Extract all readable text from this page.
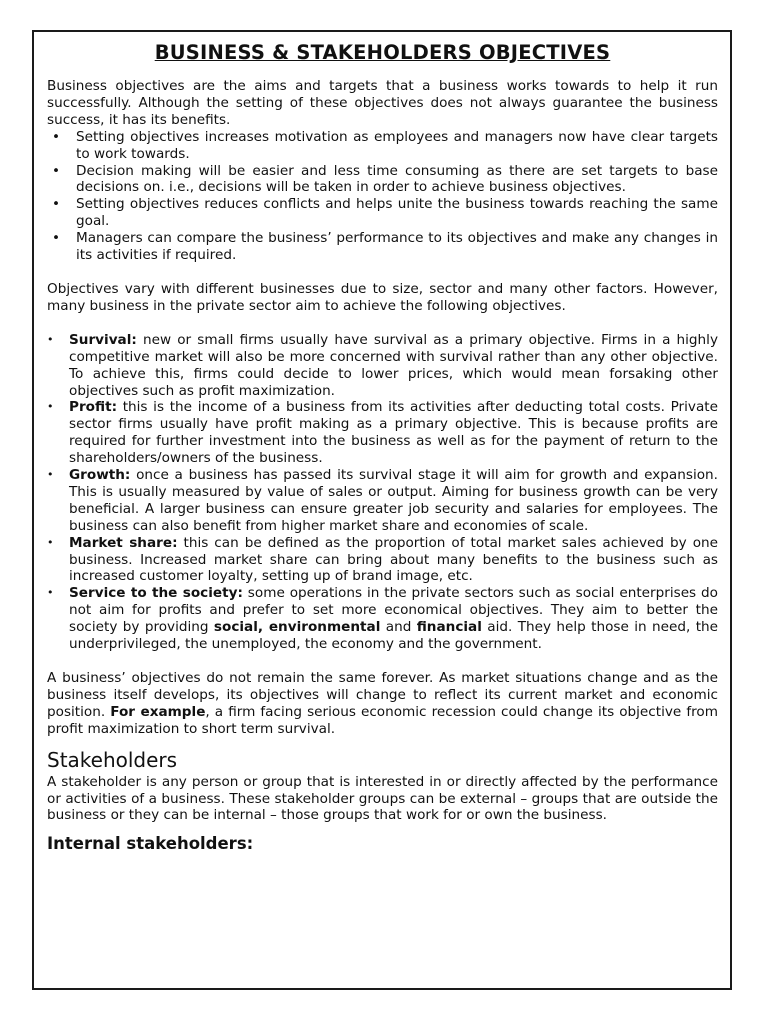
BUSINESS & STAKEHOLDERS OBJECTIVES

Business objectives are the aims and targets that a business works towards to help it run successfully. Although the setting of these objectives does not always guarantee the business success, it has its benefits.

• Setting objectives increases motivation as employees and managers now have clear targets to work towards.
• Decision making will be easier and less time consuming as there are set targets to base decisions on. i.e., decisions will be taken in order to achieve business objectives.
• Setting objectives reduces conflicts and helps unite the business towards reaching the same goal.
• Managers can compare the business’ performance to its objectives and make any changes in its activities if required.

Objectives vary with different businesses due to size, sector and many other factors. However, many business in the private sector aim to achieve the following objectives.

• Survival: new or small firms usually have survival as a primary objective. Firms in a highly competitive market will also be more concerned with survival rather than any other objective. To achieve this, firms could decide to lower prices, which would mean forsaking other objectives such as profit maximization.
• Profit: this is the income of a business from its activities after deducting total costs. Private sector firms usually have profit making as a primary objective. This is because profits are required for further investment into the business as well as for the payment of return to the shareholders/owners of the business.
• Growth: once a business has passed its survival stage it will aim for growth and expansion. This is usually measured by value of sales or output. Aiming for business growth can be very beneficial. A larger business can ensure greater job security and salaries for employees. The business can also benefit from higher market share and economies of scale.
• Market share: this can be defined as the proportion of total market sales achieved by one business. Increased market share can bring about many benefits to the business such as increased customer loyalty, setting up of brand image, etc.
• Service to the society: some operations in the private sectors such as social enterprises do not aim for profits and prefer to set more economical objectives. They aim to better the society by providing social, environmental and financial aid. They help those in need, the underprivileged, the unemployed, the economy and the government.

A business’ objectives do not remain the same forever. As market situations change and as the business itself develops, its objectives will change to reflect its current market and economic position. For example, a firm facing serious economic recession could change its objective from profit maximization to short term survival.

Stakeholders

A stakeholder is any person or group that is interested in or directly affected by the performance or activities of a business. These stakeholder groups can be external – groups that are outside the business or they can be internal – those groups that work for or own the business.

Internal stakeholders:
